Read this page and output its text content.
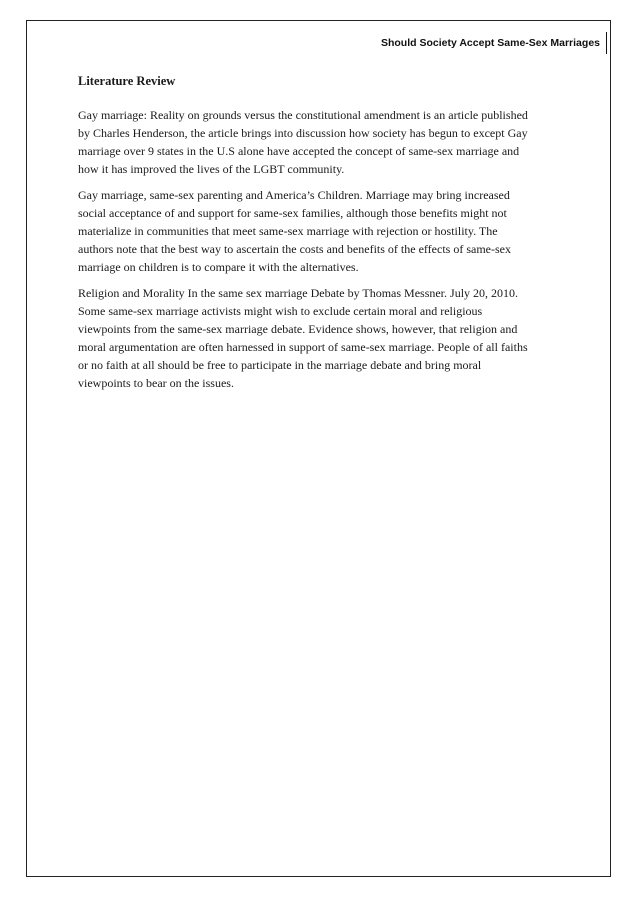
Should Society Accept Same-Sex Marriages
Literature Review

Gay marriage: Reality on grounds versus the constitutional amendment is an article published
by Charles Henderson, the article brings into discussion how society has begun to except Gay
marriage over 9 states in the U.S alone have accepted the concept of same-sex marriage and
how it has improved the lives of the LGBT community.

Gay marriage, same-sex parenting and America’s Children. Marriage may bring increased
social acceptance of and support for same-sex families, although those benefits might not
materialize in communities that meet same-sex marriage with rejection or hostility. The
authors note that the best way to ascertain the costs and benefits of the effects of same-sex
marriage on children is to compare it with the alternatives.

Religion and Morality In the same sex marriage Debate by Thomas Messner. July 20, 2010.
Some same-sex marriage activists might wish to exclude certain moral and religious
viewpoints from the same-sex marriage debate. Evidence shows, however, that religion and
moral argumentation are often harnessed in support of same-sex marriage. People of all faiths
or no faith at all should be free to participate in the marriage debate and bring moral
viewpoints to bear on the issues.
